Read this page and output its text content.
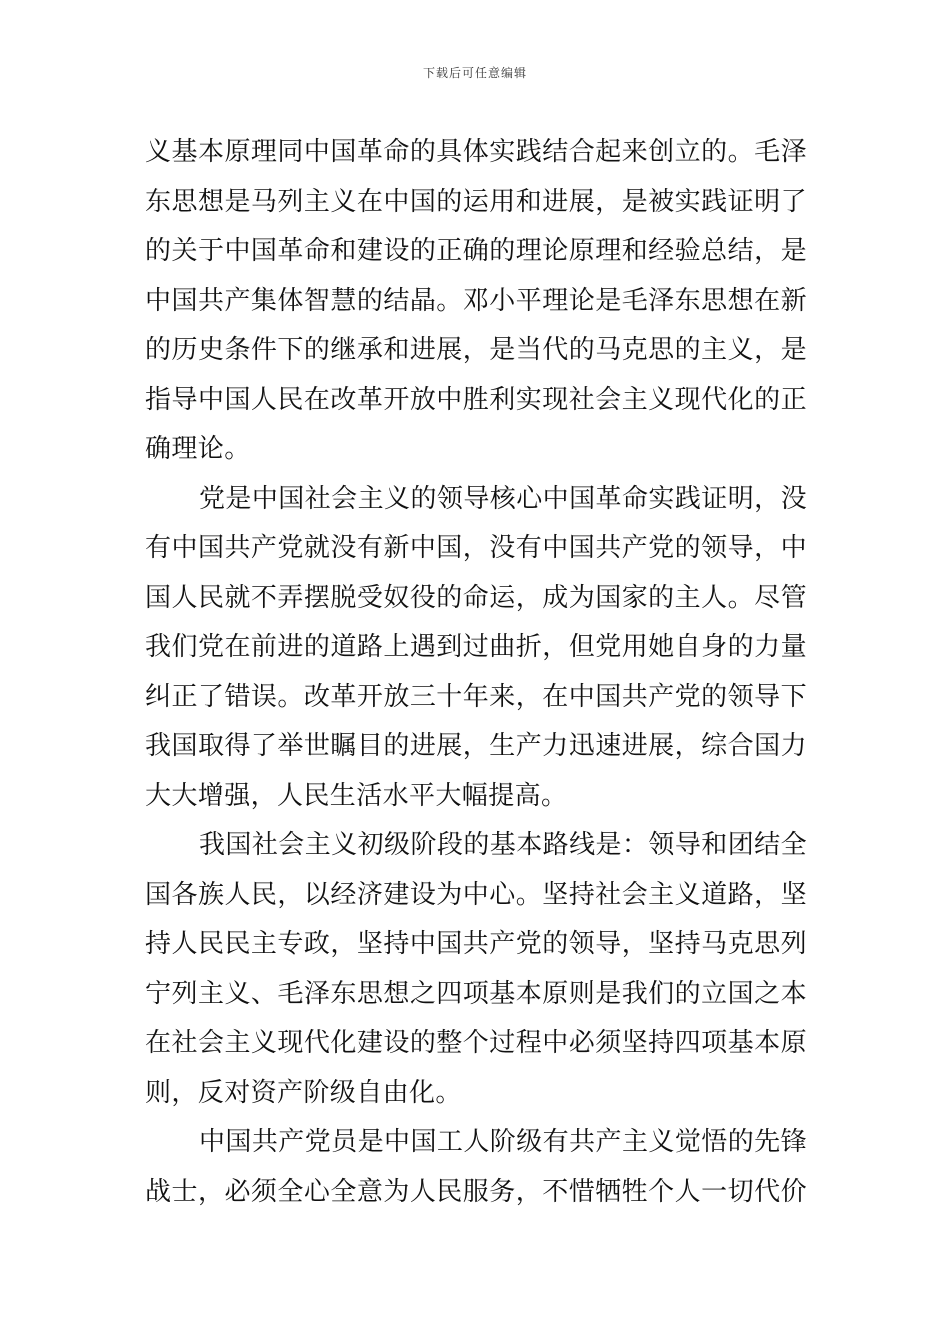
下载后可任意编辑
义基本原理同中国革命的具体实践结合起来创立的。毛泽
东思想是马列主义在中国的运用和进展，是被实践证明了
的关于中国革命和建设的正确的理论原理和经验总结，是
中国共产集体智慧的结晶。邓小平理论是毛泽东思想在新
的历史条件下的继承和进展，是当代的马克思的主义，是
指导中国人民在改革开放中胜利实现社会主义现代化的正
确理论。
党是中国社会主义的领导核心中国革命实践证明，没
有中国共产党就没有新中国，没有中国共产党的领导，中
国人民就不弄摆脱受奴役的命运，成为国家的主人。尽管
我们党在前进的道路上遇到过曲折，但党用她自身的力量
纠正了错误。改革开放三十年来，在中国共产党的领导下
我国取得了举世瞩目的进展，生产力迅速进展，综合国力
大大增强，人民生活水平大幅提高。
我国社会主义初级阶段的基本路线是：领导和团结全
国各族人民，以经济建设为中心。坚持社会主义道路，坚
持人民民主专政，坚持中国共产党的领导，坚持马克思列
宁列主义、毛泽东思想之四项基本原则是我们的立国之本
在社会主义现代化建设的整个过程中必须坚持四项基本原
则，反对资产阶级自由化。
中国共产党员是中国工人阶级有共产主义觉悟的先锋
战士，必须全心全意为人民服务，不惜牺牲个人一切代价
